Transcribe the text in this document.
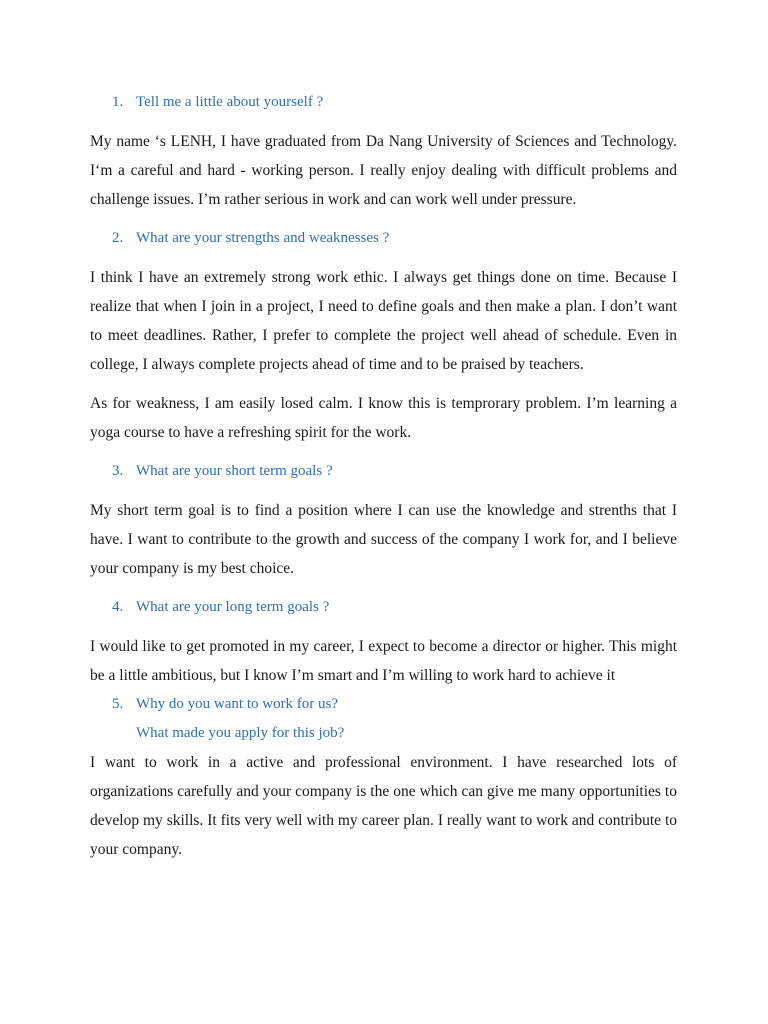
1. Tell me a little about yourself ?

My name ‘s LENH, I have graduated from Da Nang University of Sciences and Technology. I‘m a careful and hard - working person. I really enjoy dealing with difficult problems and challenge issues. I’m rather serious in work and can work well under pressure.

2. What are your strengths and weaknesses ?

I think I have an extremely strong work ethic. I always get things done on time. Because I realize that when I join in a project, I need to define goals and then make a plan. I don’t want to meet deadlines. Rather, I prefer to complete the project well ahead of schedule. Even in college, I always complete projects ahead of time and to be praised by teachers.

As for weakness, I am easily losed calm. I know this is temprorary problem. I’m learning a yoga course to have a refreshing spirit for the work.

3. What are your short term goals ?

My short term goal is to find a position where I can use the knowledge and strenths that I have. I want to contribute to the growth and success of the company I work for, and I believe your company is my best choice.

4. What are your long term goals ?

I would like to get promoted in my career, I expect to become a director or higher. This might be a little ambitious, but I know I’m smart and I’m willing to work hard to achieve it

5. Why do you want to work for us?
What made you apply for this job?

I want to work in a active and professional environment. I have researched lots of organizations carefully and your company is the one which can give me many opportunities to develop my skills. It fits very well with my career plan. I really want to work and contribute to your company.
